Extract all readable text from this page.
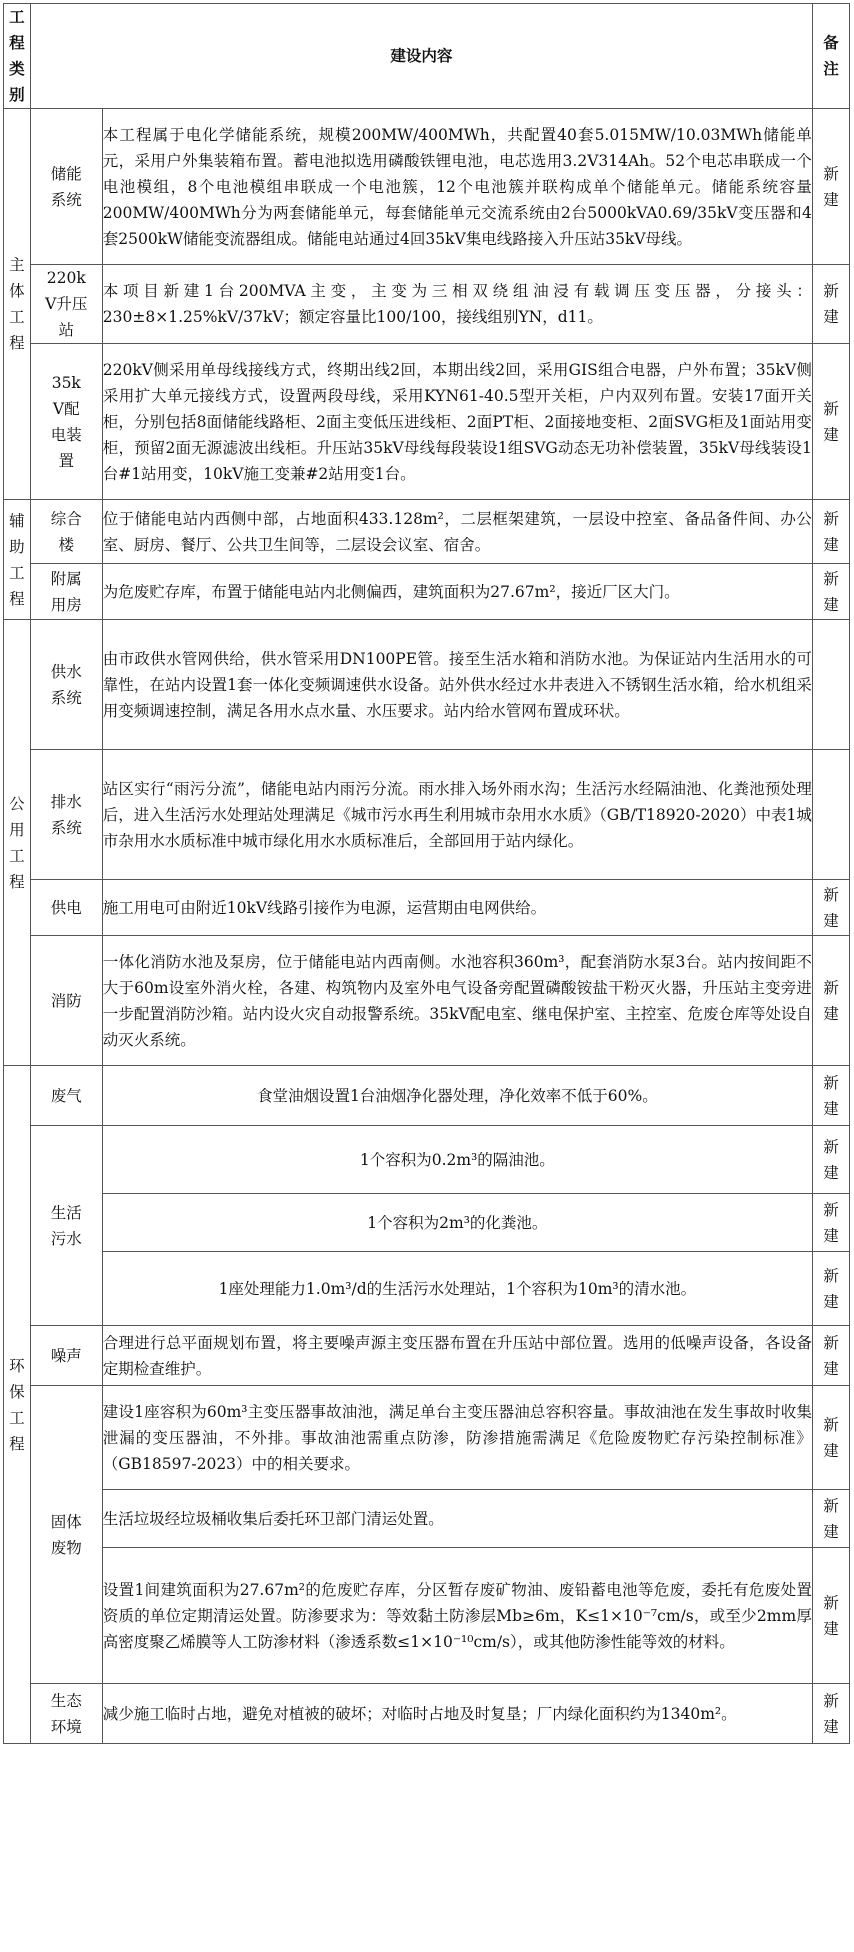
工程类别	建设内容		备注

主体工程	储能系统	本工程属于电化学储能系统，规模200MW/400MWh，共配置40套5.015MW/10.03MWh储能单元，采用户外集装箱布置。蓄电池拟选用磷酸铁锂电池，电芯选用3.2V314Ah。52个电芯串联成一个电池模组，8个电池模组串联成一个电池簇，12个电池簇并联构成单个储能单元。储能系统容量200MW/400MWh分为两套储能单元，每套储能单元交流系统由2台5000kVA0.69/35kV变压器和4套2500kW储能变流器组成。储能电站通过4回35kV集电线路接入升压站35kV母线。	新建

	220kV升压站	本项目新建1台200MVA主变，主变为三相双绕组油浸有载调压变压器，分接头：230±8×1.25%kV/37kV；额定容量比100/100，接线组别YN，d11。	新建

	35kV配电装置	220kV侧采用单母线接线方式，终期出线2回，本期出线2回，采用GIS组合电器，户外布置；35kV侧采用扩大单元接线方式，设置两段母线，采用KYN61-40.5型开关柜，户内双列布置。安装17面开关柜，分别包括8面储能线路柜、2面主变低压进线柜、2面PT柜、2面接地变柜、2面SVG柜及1面站用变柜，预留2面无源滤波出线柜。升压站35kV母线每段装设1组SVG动态无功补偿装置，35kV母线装设1台#1站用变，10kV施工变兼#2站用变1台。	新建

辅助工程	综合楼	位于储能电站内西侧中部，占地面积433.128m²，二层框架建筑，一层设中控室、备品备件间、办公室、厨房、餐厅、公共卫生间等，二层设会议室、宿舍。	新建

	附属用房	为危废贮存库，布置于储能电站内北侧偏西，建筑面积为27.67m²，接近厂区大门。	新建

公用工程	供水系统	由市政供水管网供给，供水管采用DN100PE管。接至生活水箱和消防水池。为保证站内生活用水的可靠性，在站内设置1套一体化变频调速供水设备。站外供水经过水井表进入不锈钢生活水箱，给水机组采用变频调速控制，满足各用水点水量、水压要求。站内给水管网布置成环状。	

	排水系统	站区实行“雨污分流”，储能电站内雨污分流。雨水排入场外雨水沟；生活污水经隔油池、化粪池预处理后，进入生活污水处理站处理满足《城市污水再生利用城市杂用水水质》（GB/T18920-2020）中表1城市杂用水水质标准中城市绿化用水水质标准后，全部回用于站内绿化。	
	供电	施工用电可由附近10kV线路引接作为电源，运营期由电网供给。	新建

	消防	一体化消防水池及泵房，位于储能电站内西南侧。水池容积360m³，配套消防水泵3台。站内按间距不大于60m设室外消火栓，各建、构筑物内及室外电气设备旁配置磷酸铵盐干粉灭火器，升压站主变旁进一步配置消防沙箱。站内设火灾自动报警系统。35kV配电室、继电保护室、主控室、危废仓库等处设自动灭火系统。	新建

环保工程	废气	食堂油烟设置1台油烟净化器处理，净化效率不低于60%。	新建

	生活污水	1个容积为0.2m³的隔油池。	新建

		1个容积为2m³的化粪池。	新建

		1座处理能力1.0m³/d的生活污水处理站，1个容积为10m³的清水池。	新建

	噪声	合理进行总平面规划布置，将主要噪声源主变压器布置在升压站中部位置。选用的低噪声设备，各设备定期检查维护。	新建

	固体废物	建设1座容积为60m³主变压器事故油池，满足单台主变压器油总容积容量。事故油池在发生事故时收集泄漏的变压器油，不外排。事故油池需重点防渗，防渗措施需满足《危险废物贮存污染控制标准》（GB18597-2023）中的相关要求。	新建

		生活垃圾经垃圾桶收集后委托环卫部门清运处置。	新建

		设置1间建筑面积为27.67m²的危废贮存库，分区暂存废矿物油、废铅蓄电池等危废，委托有危废处置资质的单位定期清运处置。防渗要求为：等效黏土防渗层Mb≥6m，K≤1×10⁻⁷cm/s，或至少2mm厚高密度聚乙烯膜等人工防渗材料（渗透系数≤1×10⁻¹⁰cm/s），或其他防渗性能等效的材料。	新建

	生态环境	减少施工临时占地，避免对植被的破坏；对临时占地及时复垦；厂内绿化面积约为1340m²。	新建
